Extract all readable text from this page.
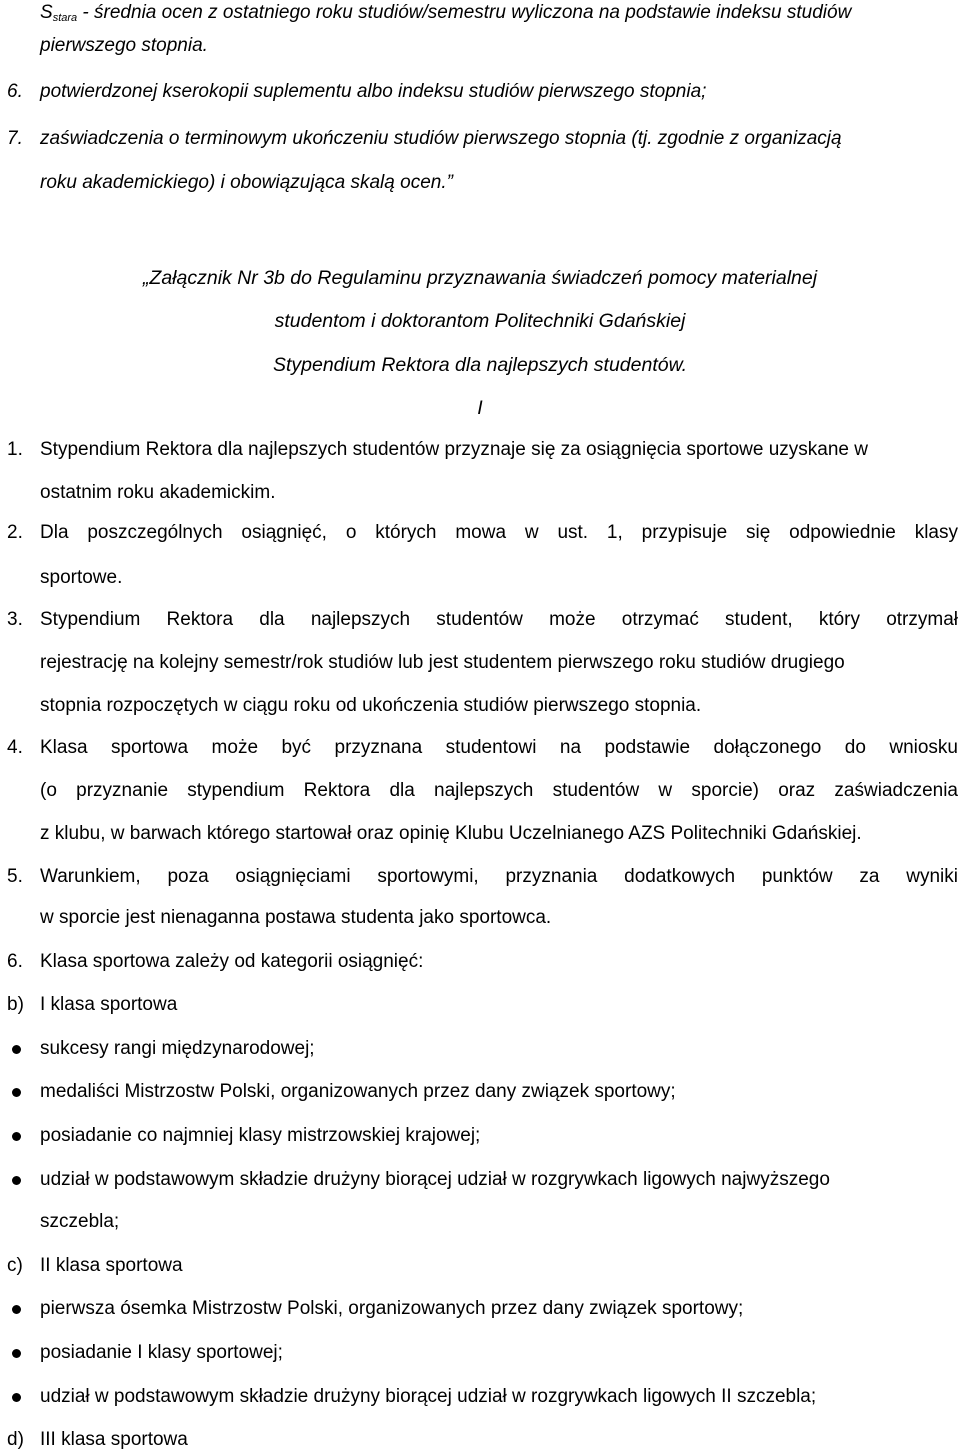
$S_{stara}$ - średnia ocen z ostatniego roku studiów/semestru wyliczona na podstawie indeksu studiów
pierwszego stopnia.
6. potwierdzonej kserokopii suplementu albo indeksu studiów pierwszego stopnia;
7. zaświadczenia o terminowym ukończeniu studiów pierwszego stopnia (tj. zgodnie z organizacją
roku akademickiego) i obowiązująca skalą ocen.”
„Załącznik Nr 3b do Regulaminu przyznawania świadczeń pomocy materialnej
studentom i doktorantom Politechniki Gdańskiej
Stypendium Rektora dla najlepszych studentów.
I
1. Stypendium Rektora dla najlepszych studentów przyznaje się za osiągnięcia sportowe uzyskane w
ostatnim roku akademickim.
2. Dla poszczególnych osiągnięć, o których mowa w ust. 1, przypisuje się odpowiednie klasy
sportowe.
3. Stypendium Rektora dla najlepszych studentów może otrzymać student, który otrzymał
rejestrację na kolejny semestr/rok studiów lub jest studentem pierwszego roku studiów drugiego
stopnia rozpoczętych w ciągu roku od ukończenia studiów pierwszego stopnia.
4. Klasa sportowa może być przyznana studentowi na podstawie dołączonego do wniosku
(o przyznanie stypendium Rektora dla najlepszych studentów w sporcie) oraz zaświadczenia
z klubu, w barwach którego startował oraz opinię Klubu Uczelnianego AZS Politechniki Gdańskiej.
5. Warunkiem, poza osiągnięciami sportowymi, przyznania dodatkowych punktów za wyniki
w sporcie jest nienaganna postawa studenta jako sportowca.
6. Klasa sportowa zależy od kategorii osiągnięć:
b) I klasa sportowa
sukcesy rangi międzynarodowej;
medaliści Mistrzostw Polski, organizowanych przez dany związek sportowy;
posiadanie co najmniej klasy mistrzowskiej krajowej;
udział w podstawowym składzie drużyny biorącej udział w rozgrywkach ligowych najwyższego
szczebla;
c) II klasa sportowa
pierwsza ósemka Mistrzostw Polski, organizowanych przez dany związek sportowy;
posiadanie I klasy sportowej;
udział w podstawowym składzie drużyny biorącej udział w rozgrywkach ligowych II szczebla;
d) III klasa sportowa
